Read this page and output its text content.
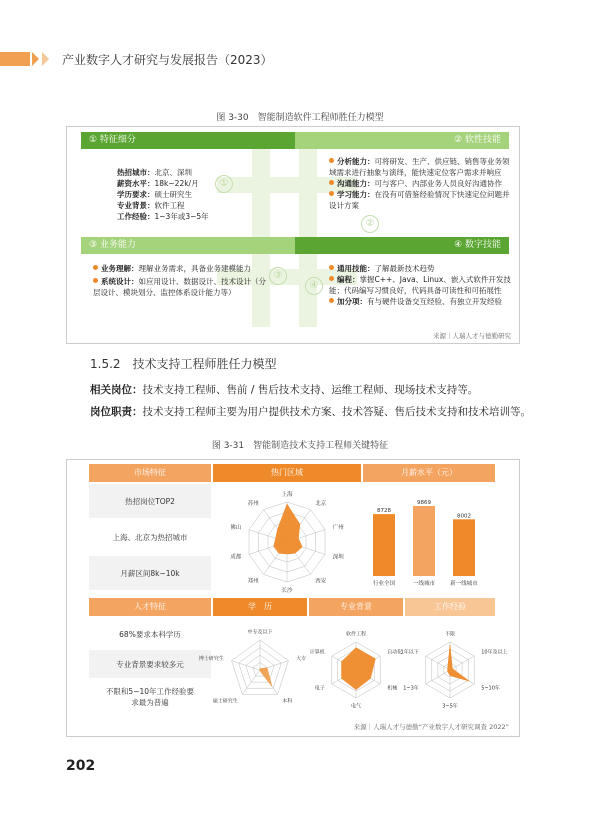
产业数字人才研究与发展报告（2023）
图 3-30　智能制造软件工程师胜任力模型
① 特征细分	② 软性技能
③ 业务能力	④ 数字技能
①
②
③
④
热招城市：北京、深圳
薪资水平：18k~22k/月
学历要求：硕士研究生
专业背景：软件工程
工作经验：1~3年或3~5年
分析能力：可将研发、生产、供应链、销售等业务领域需求进行抽象与演绎，能快速定位客户需求并响应
沟通能力：可与客户、内部业务人员良好沟通协作
学习能力：在没有可借鉴经验情况下快速定位问题并设计方案
业务理解：理解业务需求，具备业务建模能力
系统设计：如应用设计、数据设计、技术设计（分层设计、模块划分、监控体系设计能力等）
通用技能：了解最新技术趋势
编程：掌握C++、Java、Linux、嵌入式软件开发技能；代码编写习惯良好，代码具备可读性和可拓展性
加分项：有与硬件设备交互经验、有独立开发经验
来源｜人瑞人才与德勤研究
1.5.2　技术支持工程师胜任力模型
相关岗位：技术支持工程师、售前 / 售后技术支持、运维工程师、现场技术支持等。
岗位职责：技术支持工程师主要为用户提供技术方案、技术答疑、售后技术支持和技术培训等。
图 3-31　智能制造技术支持工程师关键特征
市场特征	热门区域	月薪水平（元）
热招岗位TOP2
上海、北京为热招城市
月薪区间8k~10k
上海
北京
广州
深圳
西安
长沙
郑州
成都
佛山
苏州
8728
行业全国
9869
一线城市
8002
新一线城市
人才特征	学　历	专业背景	工作经验
68%要求本科学历
专业背景要求较多元
不限和5~10年工作经验要求最为普遍
中专及以下
大专
本科
硕士研究生
博士研究生
软件工程
自动化
机械
电气
电子
计算机
不限
10年及以上
5~10年
3~5年
1~3年
1年以下
来源｜人瑞人才与德勤“产业数字人才研究调查 2022”
202
